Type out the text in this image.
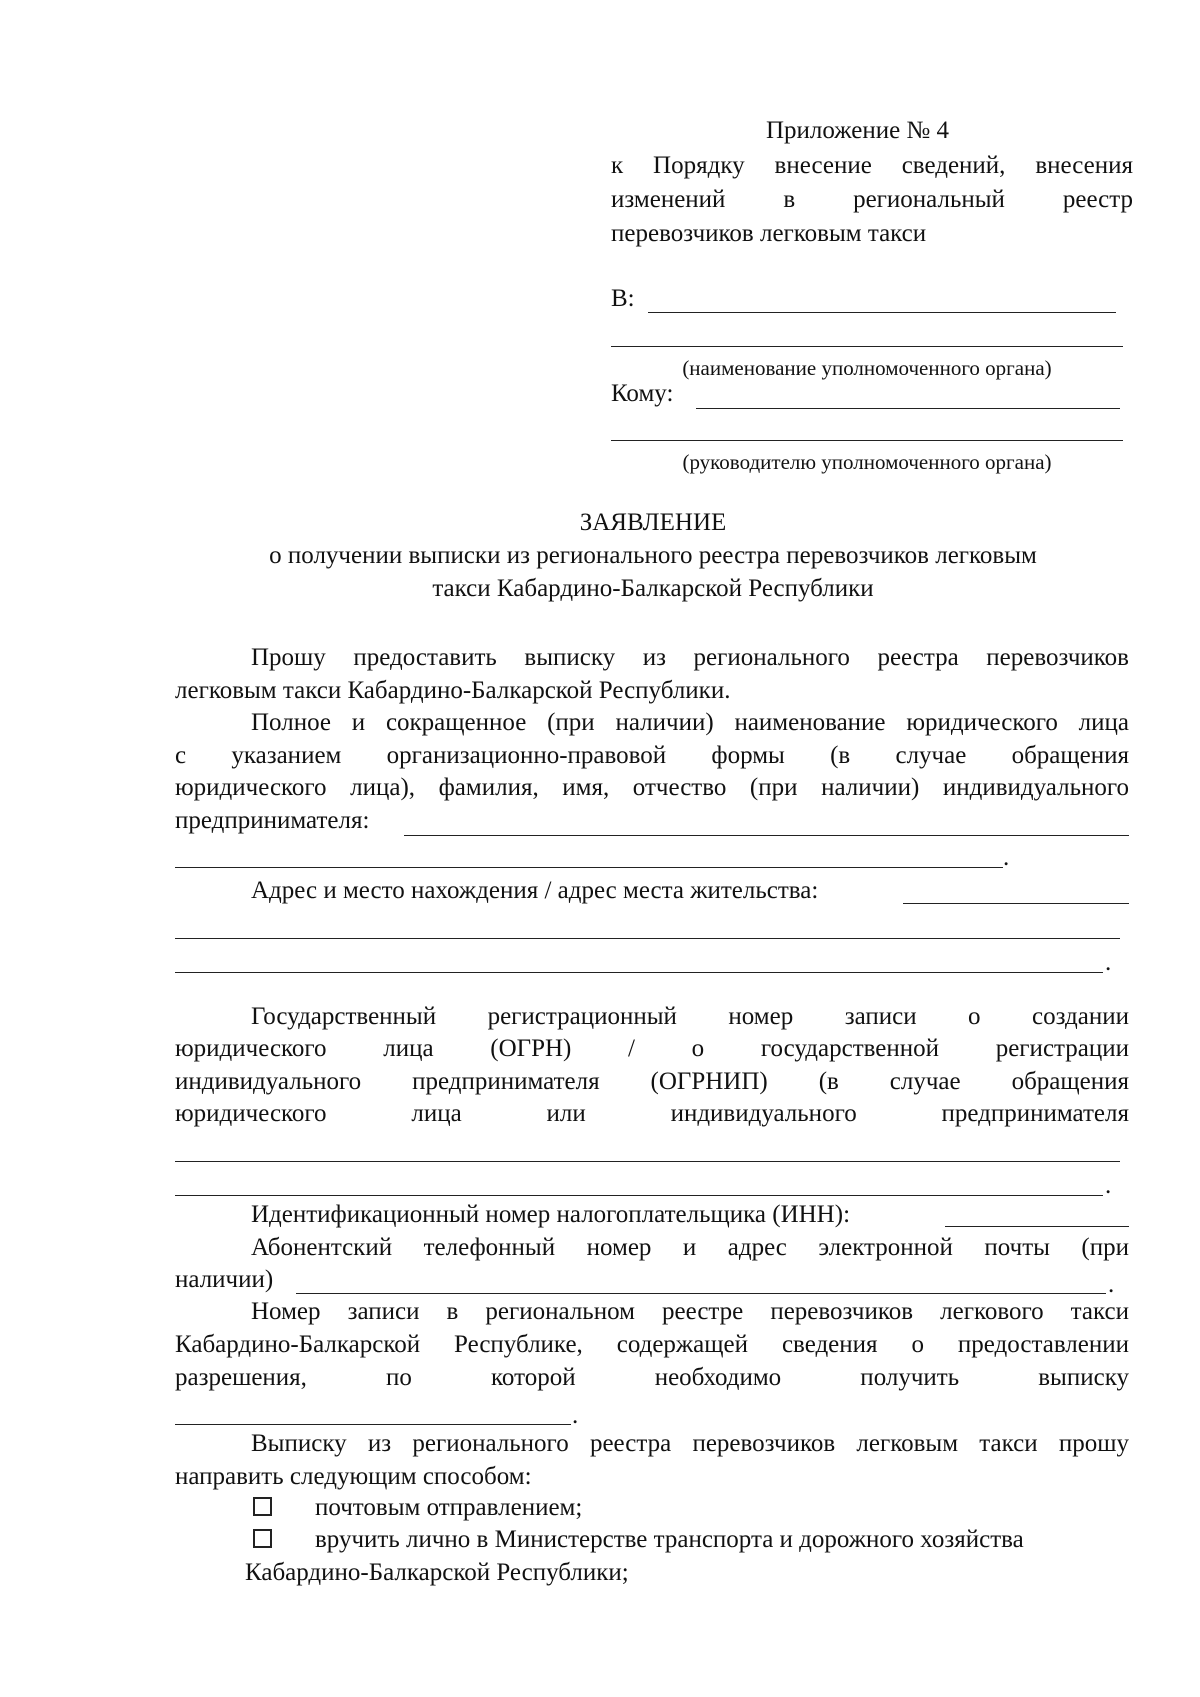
Приложение № 4
к Порядку внесение сведений, внесения
изменений в региональный реестр
перевозчиков легковым такси
В:
(наименование уполномоченного органа)
Кому:
(руководителю уполномоченного органа)
ЗАЯВЛЕНИЕ
о получении выписки из регионального реестра перевозчиков легковым
такси Кабардино-Балкарской Республики
Прошу предоставить выписку из регионального реестра перевозчиков
легковым такси Кабардино-Балкарской Республики.
Полное и сокращенное (при наличии) наименование юридического лица
с указанием организационно-правовой формы (в случае обращения
юридического лица), фамилия, имя, отчество (при наличии) индивидуального
предпринимателя:
.
Адрес и место нахождения / адрес места жительства:
.
Государственный регистрационный номер записи о создании
юридического лица (ОГРН) / о государственной регистрации
индивидуального предпринимателя (ОГРНИП) (в случае обращения
юридического лица или индивидуального предпринимателя
.
Идентификационный номер налогоплательщика (ИНН):
Абонентский телефонный номер и адрес электронной почты (при
наличии)	.
Номер записи в региональном реестре перевозчиков легкового такси
Кабардино-Балкарской Республике, содержащей сведения о предоставлении
разрешения, по которой необходимо получить выписку
.
Выписку из регионального реестра перевозчиков легковым такси прошу
направить следующим способом:
почтовым отправлением;
вручить лично в Министерстве транспорта и дорожного хозяйства
Кабардино-Балкарской Республики;
